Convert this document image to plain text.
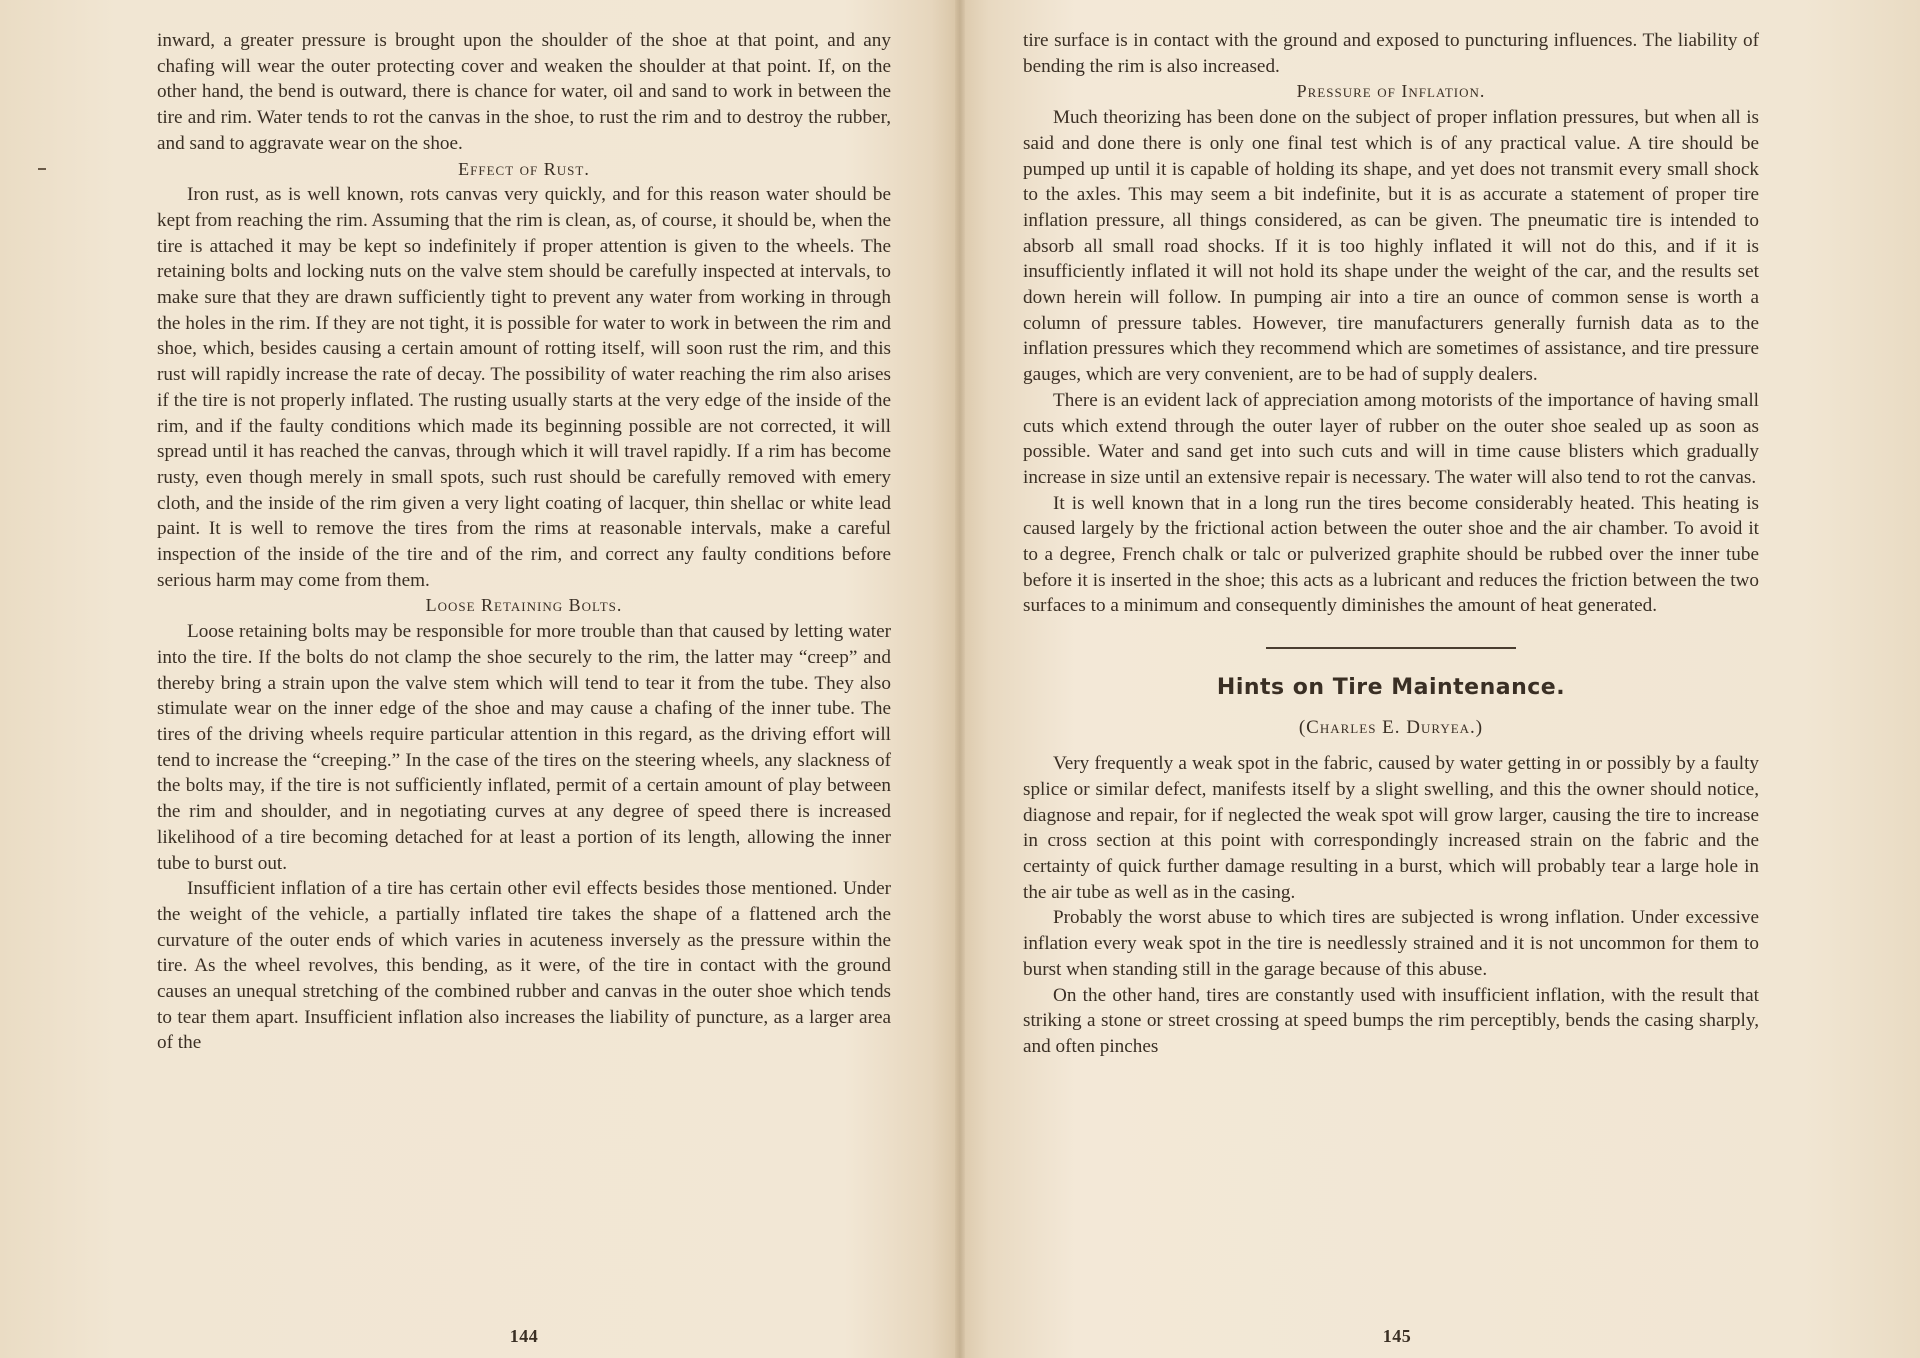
inward, a greater pressure is brought upon the shoulder of the shoe at that point, and any chafing will wear the outer protecting cover and weaken the shoulder at that point. If, on the other hand, the bend is outward, there is chance for water, oil and sand to work in between the tire and rim. Water tends to rot the canvas in the shoe, to rust the rim and to destroy the rubber, and sand to aggravate wear on the shoe.

Effect of Rust.

Iron rust, as is well known, rots canvas very quickly, and for this reason water should be kept from reaching the rim. Assuming that the rim is clean, as, of course, it should be, when the tire is attached it may be kept so indefinitely if proper attention is given to the wheels. The retaining bolts and locking nuts on the valve stem should be carefully inspected at intervals, to make sure that they are drawn sufficiently tight to prevent any water from working in through the holes in the rim. If they are not tight, it is possible for water to work in between the rim and shoe, which, besides causing a certain amount of rotting itself, will soon rust the rim, and this rust will rapidly increase the rate of decay. The possibility of water reaching the rim also arises if the tire is not properly inflated. The rusting usually starts at the very edge of the inside of the rim, and if the faulty conditions which made its beginning possible are not corrected, it will spread until it has reached the canvas, through which it will travel rapidly. If a rim has become rusty, even though merely in small spots, such rust should be carefully removed with emery cloth, and the inside of the rim given a very light coating of lacquer, thin shellac or white lead paint. It is well to remove the tires from the rims at reasonable intervals, make a careful inspection of the inside of the tire and of the rim, and correct any faulty conditions before serious harm may come from them.

Loose Retaining Bolts.

Loose retaining bolts may be responsible for more trouble than that caused by letting water into the tire. If the bolts do not clamp the shoe securely to the rim, the latter may “creep” and thereby bring a strain upon the valve stem which will tend to tear it from the tube. They also stimulate wear on the inner edge of the shoe and may cause a chafing of the inner tube. The tires of the driving wheels require particular attention in this regard, as the driving effort will tend to increase the “creeping.” In the case of the tires on the steering wheels, any slackness of the bolts may, if the tire is not sufficiently inflated, permit of a certain amount of play between the rim and shoulder, and in negotiating curves at any degree of speed there is increased likelihood of a tire becoming detached for at least a portion of its length, allowing the inner tube to burst out.

Insufficient inflation of a tire has certain other evil effects besides those mentioned. Under the weight of the vehicle, a partially inflated tire takes the shape of a flattened arch the curvature of the outer ends of which varies in acuteness inversely as the pressure within the tire. As the wheel revolves, this bending, as it were, of the tire in contact with the ground causes an unequal stretching of the combined rubber and canvas in the outer shoe which tends to tear them apart. Insufficient inflation also increases the liability of puncture, as a larger area of the

tire surface is in contact with the ground and exposed to puncturing influences. The liability of bending the rim is also increased.

Pressure of Inflation.

Much theorizing has been done on the subject of proper inflation pressures, but when all is said and done there is only one final test which is of any practical value. A tire should be pumped up until it is capable of holding its shape, and yet does not transmit every small shock to the axles. This may seem a bit indefinite, but it is as accurate a statement of proper tire inflation pressure, all things considered, as can be given. The pneumatic tire is intended to absorb all small road shocks. If it is too highly inflated it will not do this, and if it is insufficiently inflated it will not hold its shape under the weight of the car, and the results set down herein will follow. In pumping air into a tire an ounce of common sense is worth a column of pressure tables. However, tire manufacturers generally furnish data as to the inflation pressures which they recommend which are sometimes of assistance, and tire pressure gauges, which are very convenient, are to be had of supply dealers.

There is an evident lack of appreciation among motorists of the importance of having small cuts which extend through the outer layer of rubber on the outer shoe sealed up as soon as possible. Water and sand get into such cuts and will in time cause blisters which gradually increase in size until an extensive repair is necessary. The water will also tend to rot the canvas.

It is well known that in a long run the tires become considerably heated. This heating is caused largely by the frictional action between the outer shoe and the air chamber. To avoid it to a degree, French chalk or talc or pulverized graphite should be rubbed over the inner tube before it is inserted in the shoe; this acts as a lubricant and reduces the friction between the two surfaces to a minimum and consequently diminishes the amount of heat generated.

Hints on Tire Maintenance.
(Charles E. Duryea.)

Very frequently a weak spot in the fabric, caused by water getting in or possibly by a faulty splice or similar defect, manifests itself by a slight swelling, and this the owner should notice, diagnose and repair, for if neglected the weak spot will grow larger, causing the tire to increase in cross section at this point with correspondingly increased strain on the fabric and the certainty of quick further damage resulting in a burst, which will probably tear a large hole in the air tube as well as in the casing.

Probably the worst abuse to which tires are subjected is wrong inflation. Under excessive inflation every weak spot in the tire is needlessly strained and it is not uncommon for them to burst when standing still in the garage because of this abuse.

On the other hand, tires are constantly used with insufficient inflation, with the result that striking a stone or street crossing at speed bumps the rim perceptibly, bends the casing sharply, and often pinches

144	145
